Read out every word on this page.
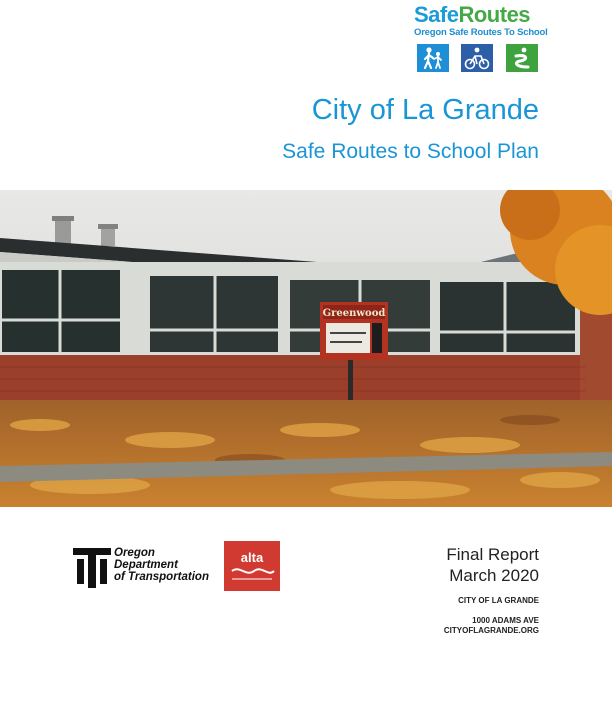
SafeRoutes
Oregon Safe Routes To School
City of La Grande
Safe Routes to School Plan
Greenwood
Oregon
Department
of Transportation
alta	Final Report
March 2020
CITY OF LA GRANDE
1000 ADAMS AVE
CITYOFLAGRANDE.ORG
